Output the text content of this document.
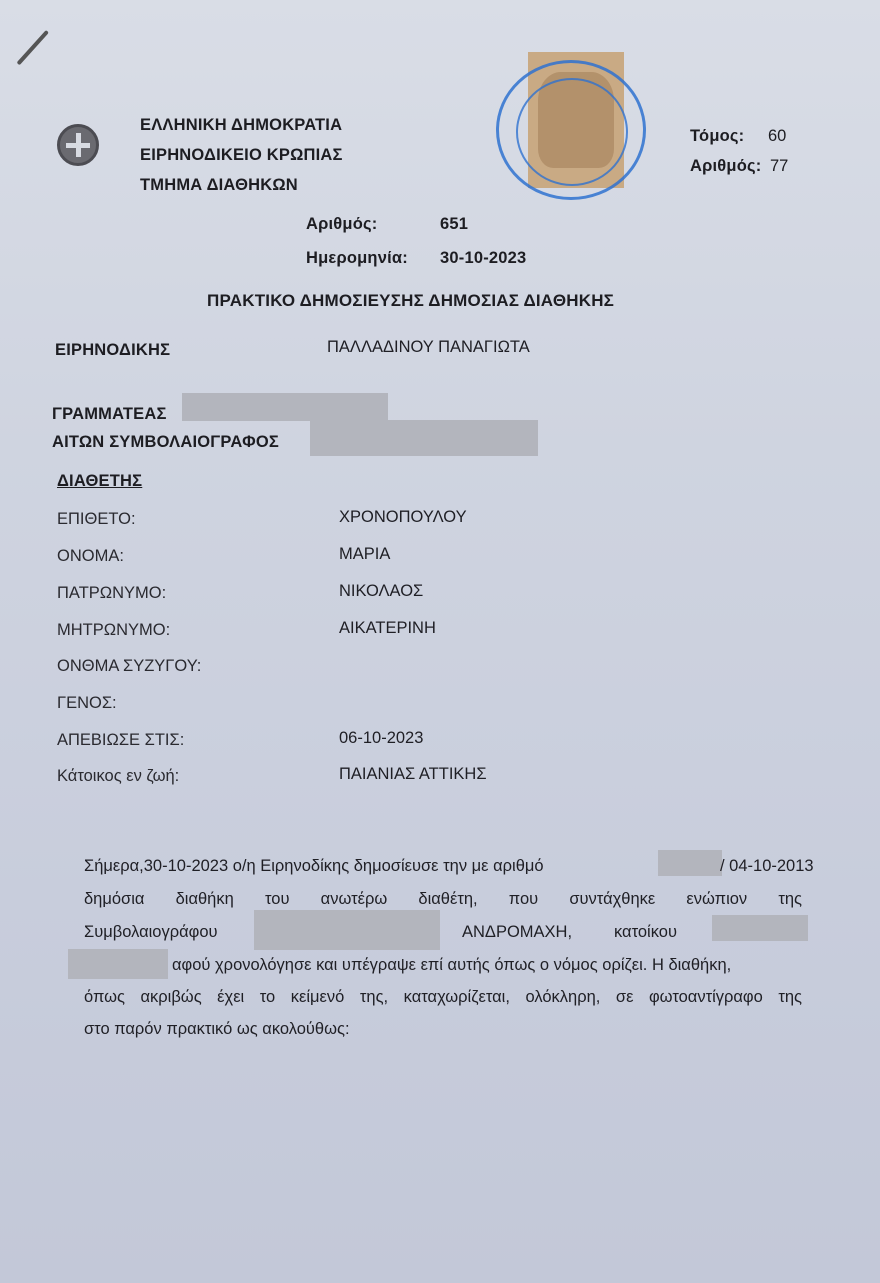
ΕΛΛΗΝΙΚΗ ΔΗΜΟΚΡΑΤΙΑ
ΕΙΡΗΝΟΔΙΚΕΙΟ ΚΡΩΠΙΑΣ
ΤΜΗΜΑ ΔΙΑΘΗΚΩΝ
Τόμος: 60
Αριθμός: 77
Αριθμός:	651
Ημερομηνία: 30-10-2023
ΠΡΑΚΤΙΚΟ ΔΗΜΟΣΙΕΥΣΗΣ ΔΗΜΟΣΙΑΣ ΔΙΑΘΗΚΗΣ
ΕΙΡΗΝΟΔΙΚΗΣ	ΠΑΛΛΑΔΙΝΟΥ ΠΑΝΑΓΙΩΤΑ
ΓΡΑΜΜΑΤΕΑΣ
ΑΙΤΩΝ ΣΥΜΒΟΛΑΙΟΓΡΑΦΟΣ
ΔΙΑΘΕΤΗΣ
ΕΠΙΘΕΤΟ:	ΧΡΟΝΟΠΟΥΛΟΥ
ΟΝΟΜΑ:	ΜΑΡΙΑ
ΠΑΤΡΩΝΥΜΟ:	ΝΙΚΟΛΑΟΣ
ΜΗΤΡΩΝΥΜΟ:	ΑΙΚΑΤΕΡΙΝΗ
ΟΝΘΜΑ ΣΥΖΥΓΟΥ:
ΓΕΝΟΣ:
ΑΠΕΒΙΩΣΕ ΣΤΙΣ:	06-10-2023
Κάτοικος εν ζωή:	ΠΑΙΑΝΙΑΣ ΑΤΤΙΚΗΣ
Σήμερα,30-10-2023 ο/η Ειρηνοδίκης δημοσίευσε την με αριθμό	/ 04-10-2013
δημόσια διαθήκη του ανωτέρω διαθέτη, που συντάχθηκε ενώπιον της
Συμβολαιογράφου	ΑΝΔΡΟΜΑΧΗ,	κατοίκου
αφού χρονολόγησε και υπέγραψε επί αυτής όπως ο νόμος ορίζει. Η διαθήκη,
όπως ακριβώς έχει το κείμενό της, καταχωρίζεται, ολόκληρη, σε φωτοαντίγραφο της
στο παρόν πρακτικό ως ακολούθως:
